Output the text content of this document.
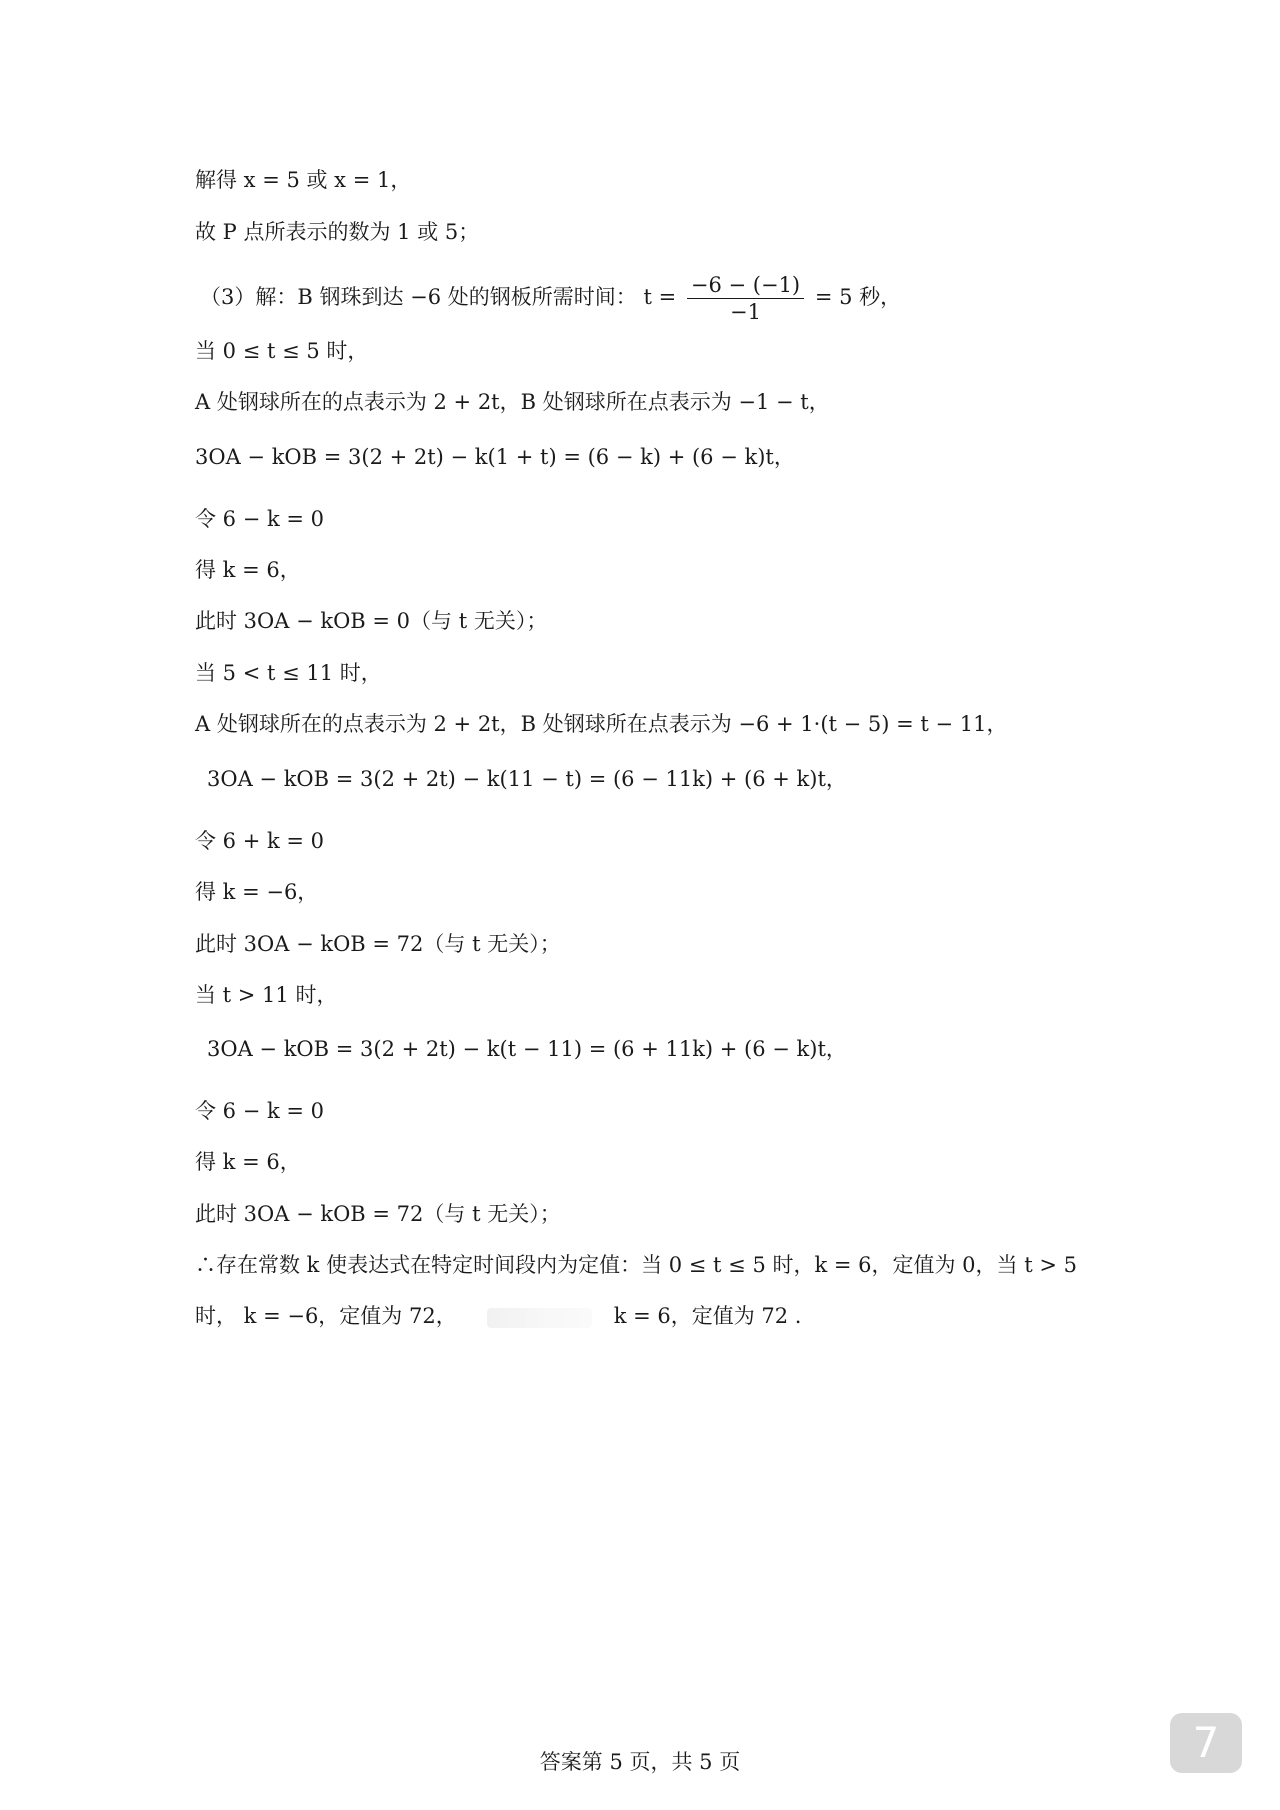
解得 x = 5 或 x = 1，
故 P 点所表示的数为 1 或 5；
（3）解：B 钢珠到达 −6 处的钢板所需时间： $t = \frac{-6 - (-1)}{-1} = 5$ 秒，
当 0 ≤ t ≤ 5 时，
A 处钢球所在的点表示为 2 + 2t，B 处钢球所在点表示为 −1 − t，
3OA − kOB = 3(2 + 2t) − k(1 + t) = (6 − k) + (6 − k)t，
令 6 − k = 0
得 k = 6，
此时 3OA − kOB = 0（与 t 无关）；
当 5 < t ≤ 11 时，
A 处钢球所在的点表示为 2 + 2t，B 处钢球所在点表示为 −6 + 1·(t − 5) = t − 11，
3OA − kOB = 3(2 + 2t) − k(11 − t) = (6 − 11k) + (6 + k)t，
令 6 + k = 0
得 k = −6，
此时 3OA − kOB = 72（与 t 无关）；
当 t > 11 时，
3OA − kOB = 3(2 + 2t) − k(t − 11) = (6 + 11k) + (6 − k)t，
令 6 − k = 0
得 k = 6，
此时 3OA − kOB = 72（与 t 无关）；
∴存在常数 k 使表达式在特定时间段内为定值：当 0 ≤ t ≤ 5 时，k = 6，定值为 0，当 t > 5
时， k = −6，定值为 72，	k = 6，定值为 72 .
答案第 5 页，共 5 页	7
